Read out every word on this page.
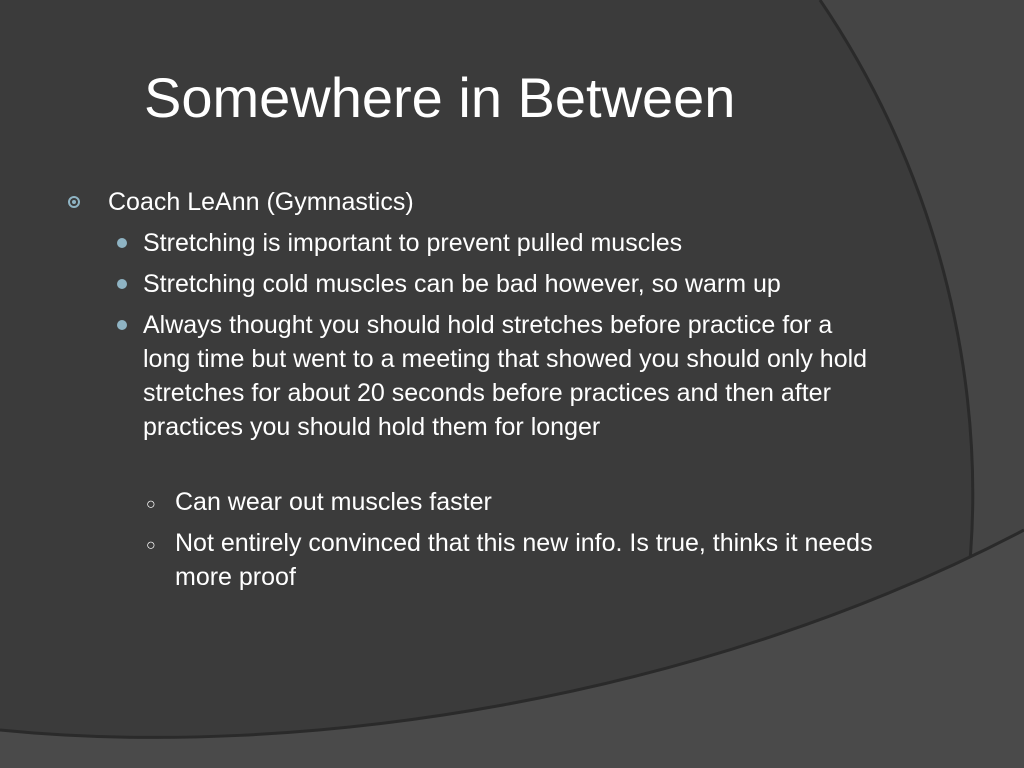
Somewhere in Between

Coach LeAnn (Gymnastics)

Stretching is important to prevent pulled muscles

Stretching cold muscles can be bad however, so warm up

Always thought you should hold stretches before practice for a long time but went to a meeting that showed you should only hold stretches for about 20 seconds before practices and then after practices you should hold them for longer

○ Can wear out muscles faster

○ Not entirely convinced that this new info. Is true, thinks it needs more proof
